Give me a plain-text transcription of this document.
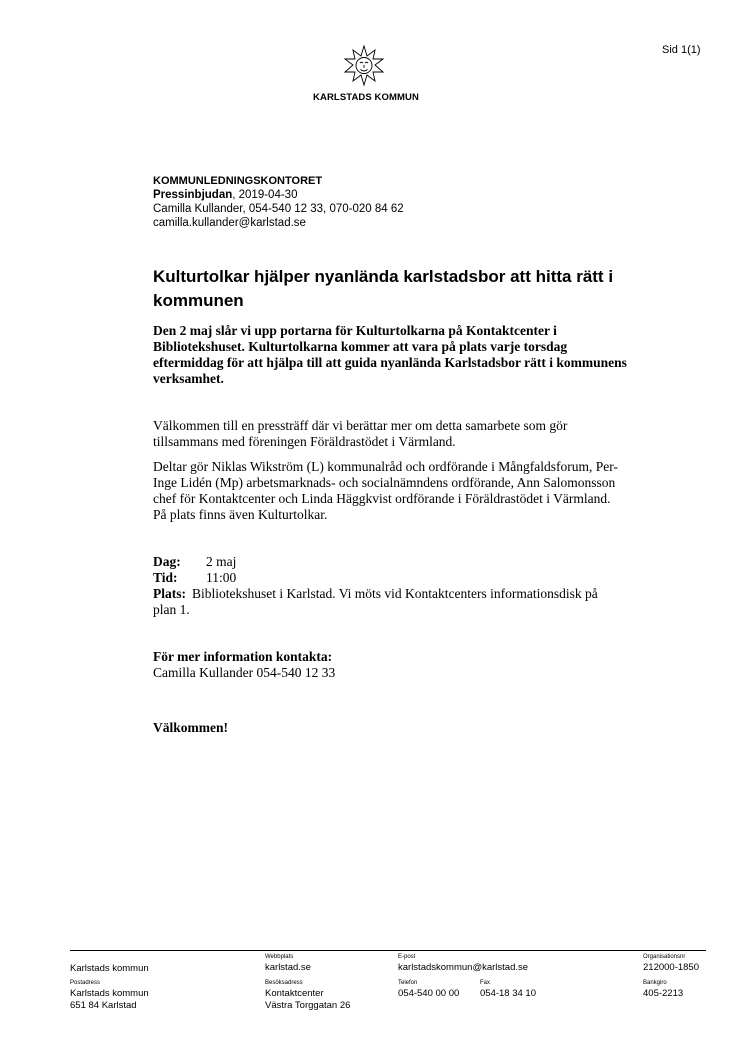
Sid 1(1)
KARLSTADS KOMMUN
KOMMUNLEDNINGSKONTORET
Pressinbjudan, 2019-04-30
Camilla Kullander, 054-540 12 33, 070-020 84 62
camilla.kullander@karlstad.se
Kulturtolkar hjälper nyanlända karlstadsbor att hitta rätt i kommunen
Den 2 maj slår vi upp portarna för Kulturtolkarna på Kontaktcenter i Bibliotekshuset. Kulturtolkarna kommer att vara på plats varje torsdag eftermiddag för att hjälpa till att guida nyanlända Karlstadsbor rätt i kommunens verksamhet.
Välkommen till en pressträff där vi berättar mer om detta samarbete som gör tillsammans med föreningen Föräldrastödet i Värmland.
Deltar gör Niklas Wikström (L) kommunalråd och ordförande i Mångfaldsforum, Per-Inge Lidén (Mp) arbetsmarknads- och socialnämndens ordförande, Ann Salomonsson chef för Kontaktcenter och Linda Häggkvist ordförande i Föräldrastödet i Värmland. På plats finns även Kulturtolkar.
Dag:	2 maj
Tid:	11:00
Plats: Bibliotekshuset i Karlstad. Vi möts vid Kontaktcenters informationsdisk på plan 1.
För mer information kontakta:
Camilla Kullander 054-540 12 33
Välkommen!
Karlstads kommun
Webbplats
karlstad.se
E-post
karlstadskommun@karlstad.se
Organisationsnr
212000-1850
Postadress
Karlstads kommun
651 84 Karlstad
Besöksadress
Kontaktcenter
Västra Torggatan 26
Telefon
054-540 00 00
Fax
054-18 34 10
Bankgiro
405-2213
